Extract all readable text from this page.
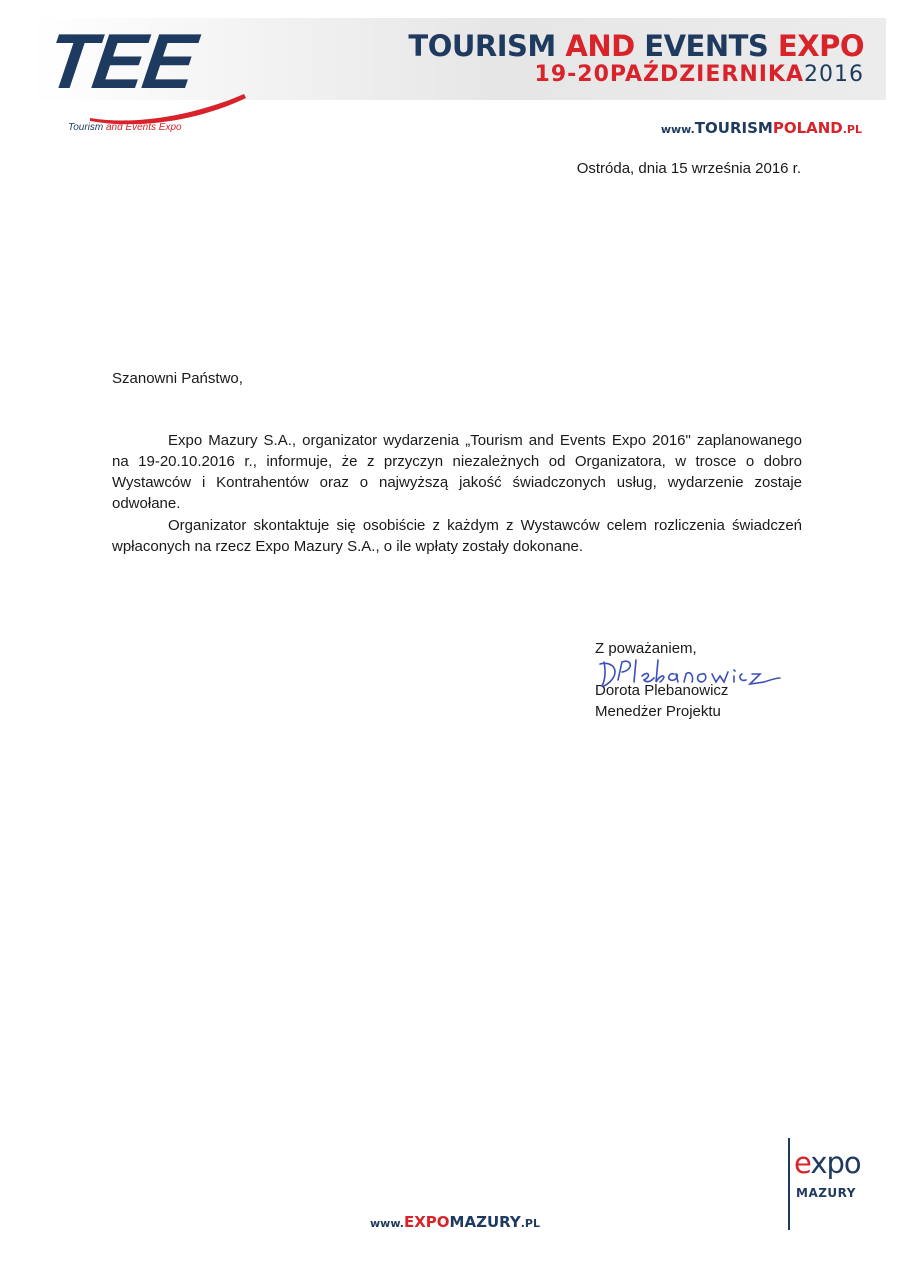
TEE
Tourism and Events Expo
TOURISM AND EVENTS EXPO
19-20PAŹDZIERNIKA2016
www.TOURISMPOLAND.PL
Ostróda, dnia 15 września 2016 r.
Szanowni Państwo,

Expo Mazury S.A., organizator wydarzenia „Tourism and Events Expo 2016" zaplanowanego na 19-20.10.2016 r., informuje, że z przyczyn niezależnych od Organizatora, w trosce o dobro Wystawców i Kontrahentów oraz o najwyższą jakość świadczonych usług, wydarzenie zostaje odwołane.

Organizator skontaktuje się osobiście z każdym z Wystawców celem rozliczenia świadczeń wpłaconych na rzecz Expo Mazury S.A., o ile wpłaty zostały dokonane.

Z poważaniem,
Dorota Plebanowicz
Menedżer Projektu
expo
MAZURY
www.EXPOMAZURY.PL
